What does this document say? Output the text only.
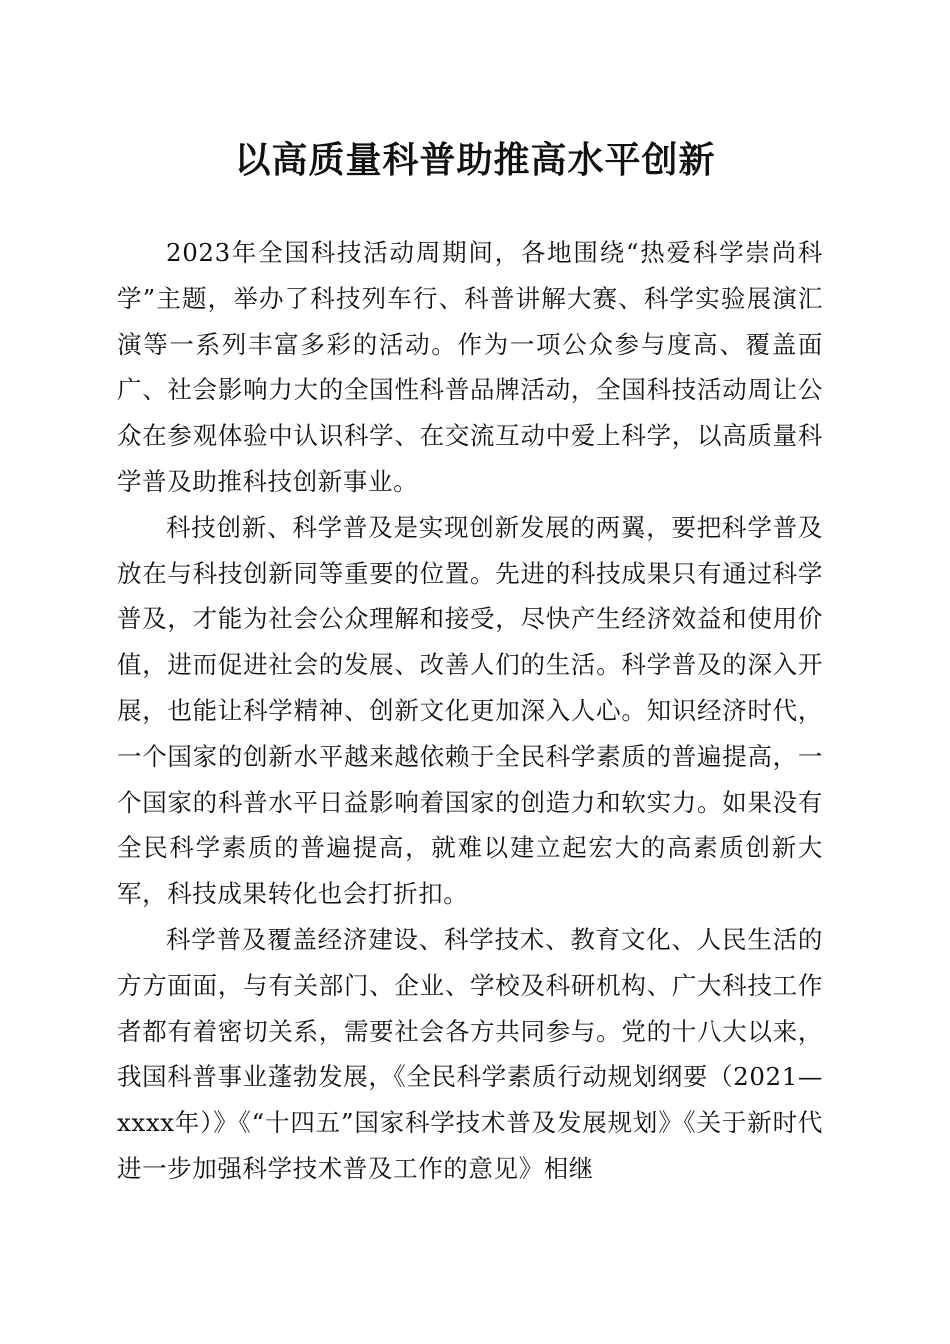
以高质量科普助推高水平创新

2023年全国科技活动周期间，各地围绕“热爱科学崇尚科学”主题，举办了科技列车行、科普讲解大赛、科学实验展演汇演等一系列丰富多彩的活动。作为一项公众参与度高、覆盖面广、社会影响力大的全国性科普品牌活动，全国科技活动周让公众在参观体验中认识科学、在交流互动中爱上科学，以高质量科学普及助推科技创新事业。

科技创新、科学普及是实现创新发展的两翼，要把科学普及放在与科技创新同等重要的位置。先进的科技成果只有通过科学普及，才能为社会公众理解和接受，尽快产生经济效益和使用价值，进而促进社会的发展、改善人们的生活。科学普及的深入开展，也能让科学精神、创新文化更加深入人心。知识经济时代，一个国家的创新水平越来越依赖于全民科学素质的普遍提高，一个国家的科普水平日益影响着国家的创造力和软实力。如果没有全民科学素质的普遍提高，就难以建立起宏大的高素质创新大军，科技成果转化也会打折扣。

科学普及覆盖经济建设、科学技术、教育文化、人民生活的方方面面，与有关部门、企业、学校及科研机构、广大科技工作者都有着密切关系，需要社会各方共同参与。党的十八大以来，我国科普事业蓬勃发展，《全民科学素质行动规划纲要（2021—xxxx年）》《“十四五”国家科学技术普及发展规划》《关于新时代进一步加强科学技术普及工作的意见》相继
